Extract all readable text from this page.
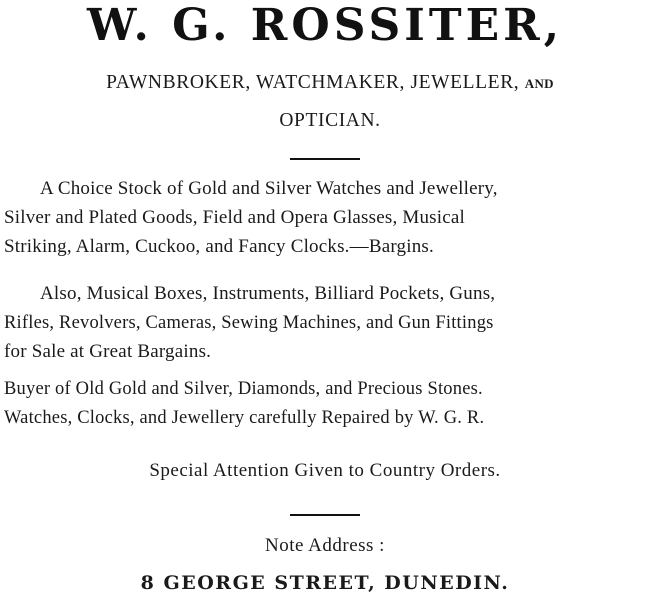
W. G. ROSSITER,
PAWNBROKER, WATCHMAKER, JEWELLER, AND
OPTICIAN.
A Choice Stock of Gold and Silver Watches and Jewellery,
Silver and Plated Goods, Field and Opera Glasses, Musical
Striking, Alarm, Cuckoo, and Fancy Clocks.—Bargins.
Also, Musical Boxes, Instruments, Billiard Pockets, Guns,
Rifles, Revolvers, Cameras, Sewing Machines, and Gun Fittings
for Sale at Great Bargains.
Buyer of Old Gold and Silver, Diamonds, and Precious Stones.
Watches, Clocks, and Jewellery carefully Repaired by W. G. R.
Special Attention Given to Country Orders.
Note Address :
8 GEORGE STREET, DUNEDIN.
